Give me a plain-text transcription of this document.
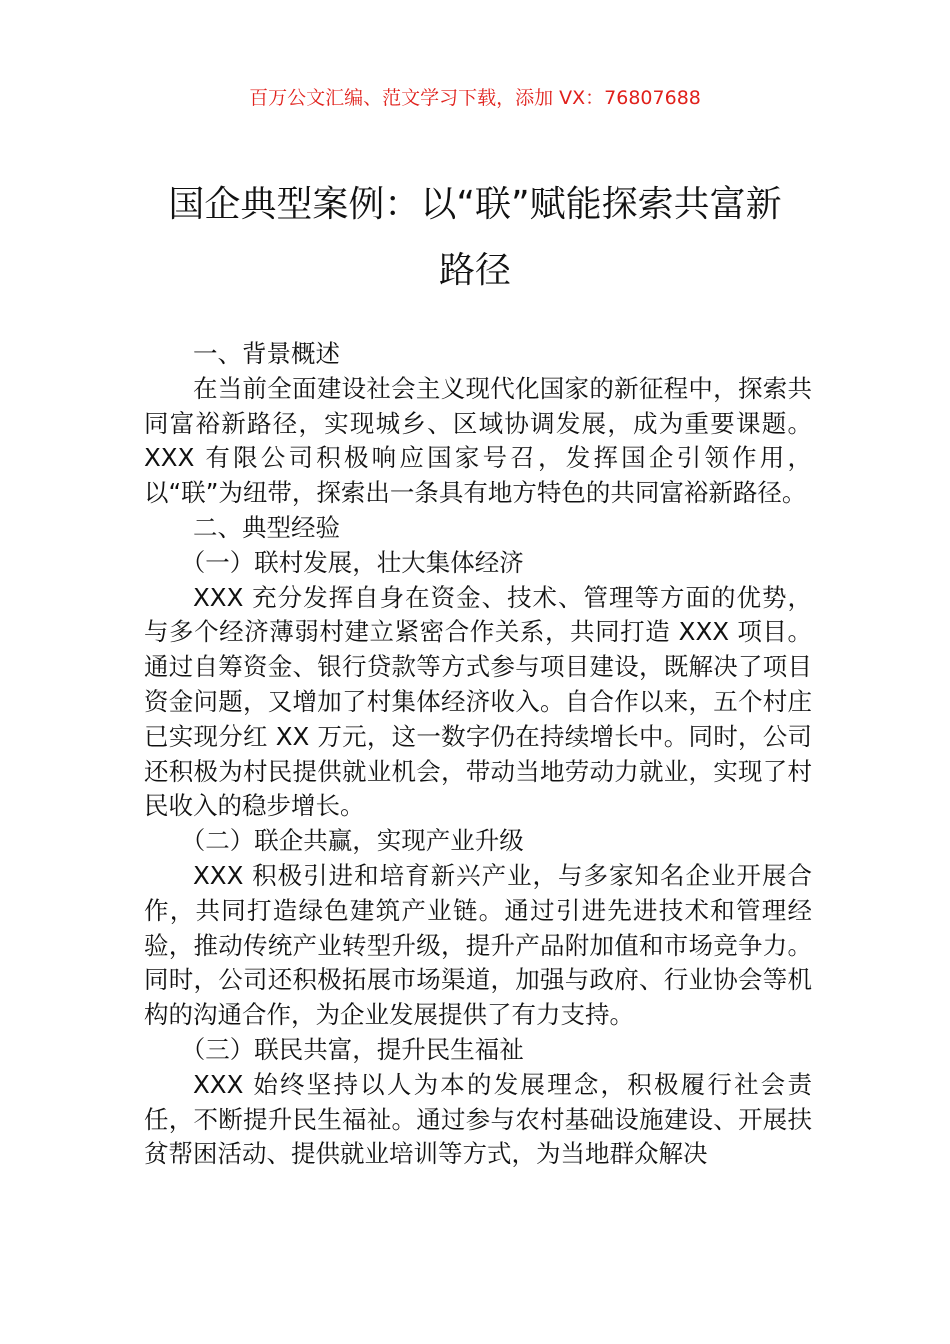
百万公文汇编、范文学习下载，添加 VX：76807688
国企典型案例：以“联”赋能探索共富新
路径

一、背景概述

在当前全面建设社会主义现代化国家的新征程中，探索共同富裕新路径，实现城乡、区域协调发展，成为重要课题。XXX 有限公司积极响应国家号召，发挥国企引领作用，以“联”为纽带，探索出一条具有地方特色的共同富裕新路径。

二、典型经验

（一）联村发展，壮大集体经济

XXX 充分发挥自身在资金、技术、管理等方面的优势，与多个经济薄弱村建立紧密合作关系，共同打造 XXX 项目。通过自筹资金、银行贷款等方式参与项目建设，既解决了项目资金问题，又增加了村集体经济收入。自合作以来，五个村庄已实现分红 XX 万元，这一数字仍在持续增长中。同时，公司还积极为村民提供就业机会，带动当地劳动力就业，实现了村民收入的稳步增长。

（二）联企共赢，实现产业升级

XXX 积极引进和培育新兴产业，与多家知名企业开展合作，共同打造绿色建筑产业链。通过引进先进技术和管理经验，推动传统产业转型升级，提升产品附加值和市场竞争力。同时，公司还积极拓展市场渠道，加强与政府、行业协会等机构的沟通合作，为企业发展提供了有力支持。

（三）联民共富，提升民生福祉

XXX 始终坚持以人为本的发展理念，积极履行社会责任，不断提升民生福祉。通过参与农村基础设施建设、开展扶贫帮困活动、提供就业培训等方式，为当地群众解决
